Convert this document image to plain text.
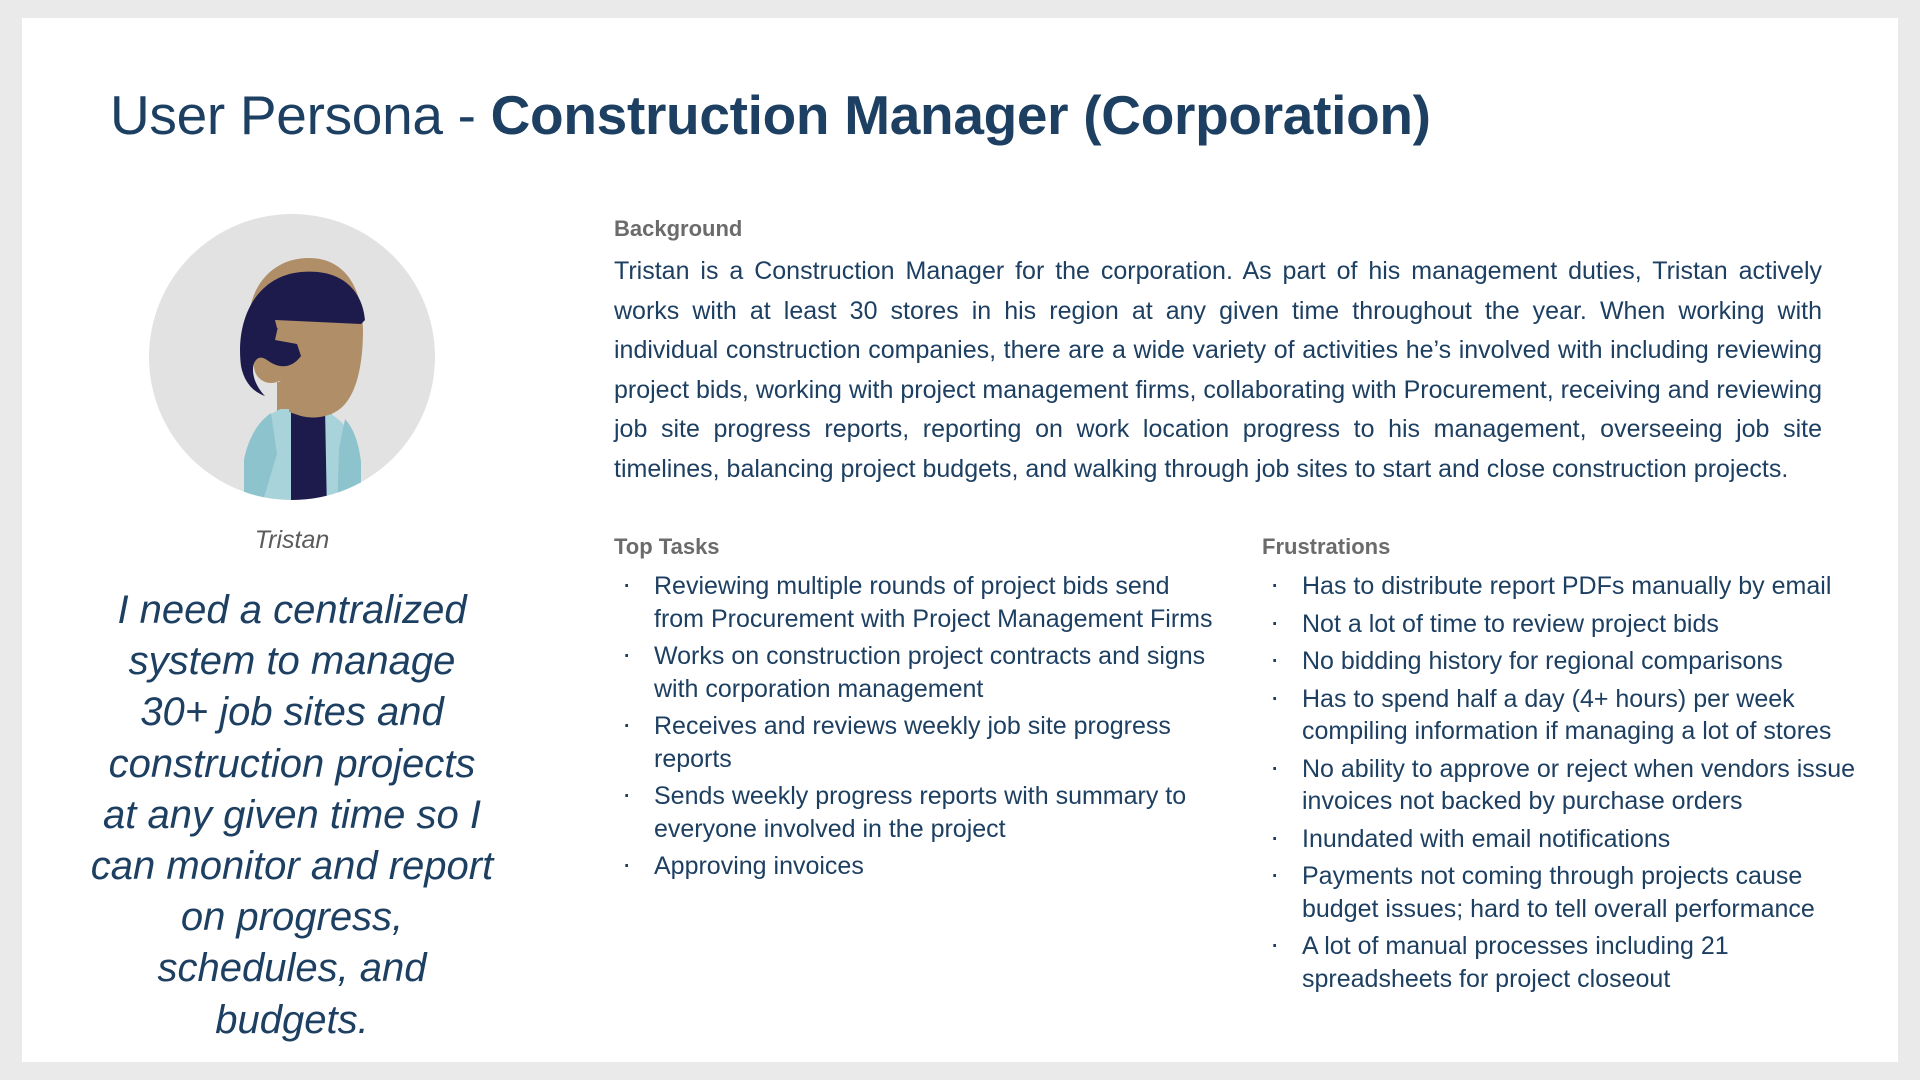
User Persona - Construction Manager (Corporation)
Tristan
I need a centralized system to manage 30+ job sites and construction projects at any given time so I can monitor and report on progress, schedules, and budgets.
Background
Tristan is a Construction Manager for the corporation. As part of his management duties, Tristan actively works with at least 30 stores in his region at any given time throughout the year. When working with individual construction companies, there are a wide variety of activities he’s involved with including reviewing project bids, working with project management firms, collaborating with Procurement, receiving and reviewing job site progress reports, reporting on work location progress to his management, overseeing job site timelines, balancing project budgets, and walking through job sites to start and close construction projects.
Top Tasks
· Reviewing multiple rounds of project bids send from Procurement with Project Management Firms
· Works on construction project contracts and signs with corporation management
· Receives and reviews weekly job site progress reports
· Sends weekly progress reports with summary to everyone involved in the project
· Approving invoices
Frustrations
· Has to distribute report PDFs manually by email
· Not a lot of time to review project bids
· No bidding history for regional comparisons
· Has to spend half a day (4+ hours) per week compiling information if managing a lot of stores
· No ability to approve or reject when vendors issue invoices not backed by purchase orders
· Inundated with email notifications
· Payments not coming through projects cause budget issues; hard to tell overall performance
· A lot of manual processes including 21 spreadsheets for project closeout
